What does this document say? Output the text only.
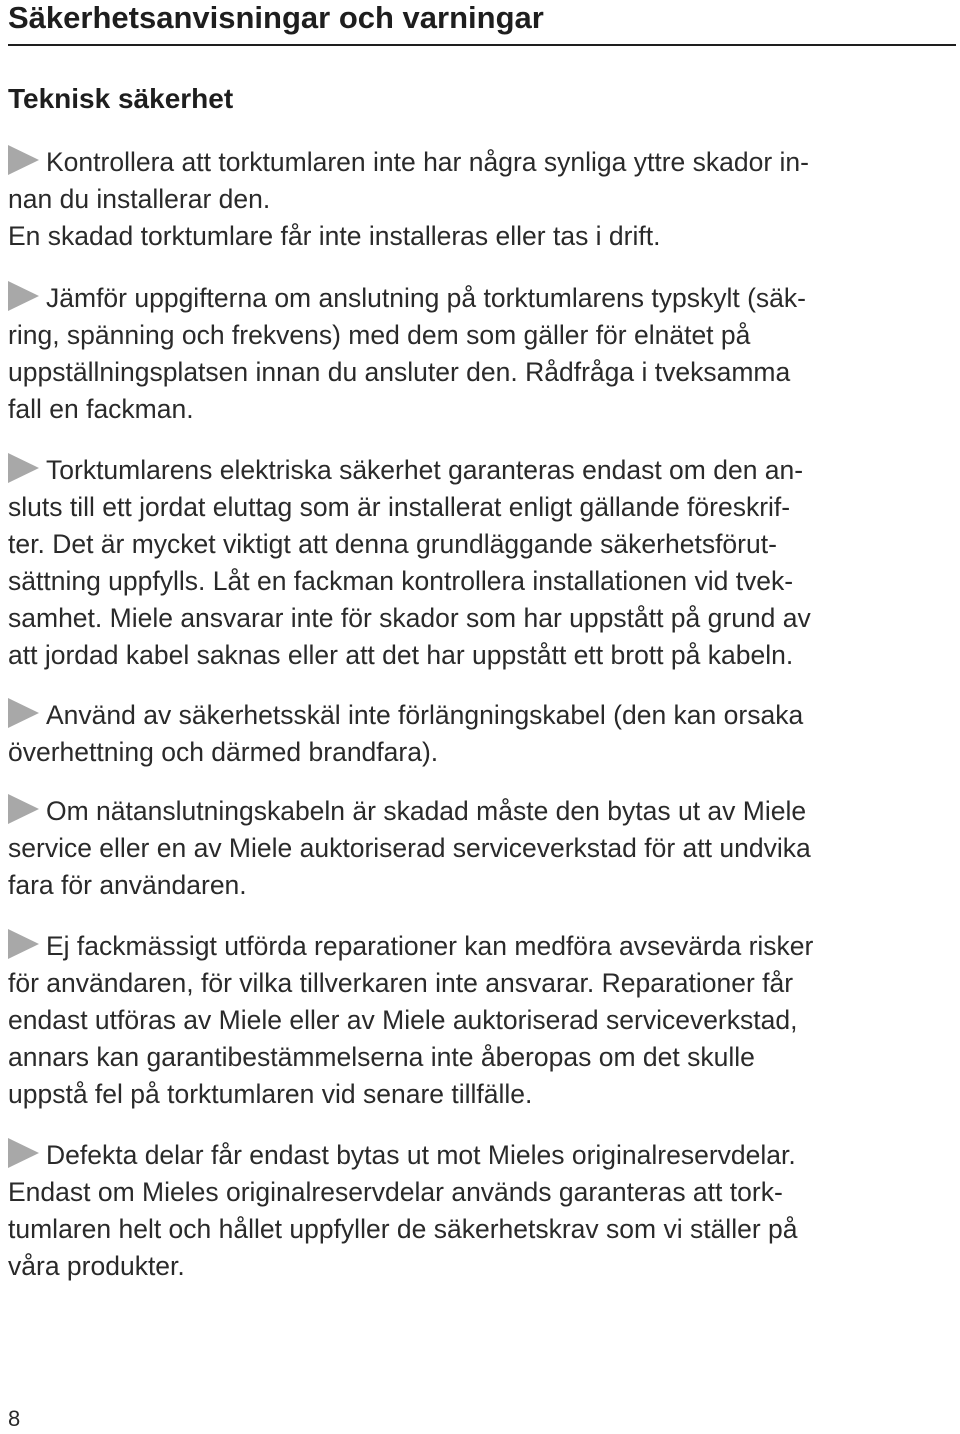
Säkerhetsanvisningar och varningar
Teknisk säkerhet

Kontrollera att torktumlaren inte har några synliga yttre skador in-

nan du installerar den.

En skadad torktumlare får inte installeras eller tas i drift.

Jämför uppgifterna om anslutning på torktumlarens typskylt (säk-

ring, spänning och frekvens) med dem som gäller för elnätet på

uppställningsplatsen innan du ansluter den. Rådfråga i tveksamma

fall en fackman.

Torktumlarens elektriska säkerhet garanteras endast om den an-

sluts till ett jordat eluttag som är installerat enligt gällande föreskrif-

ter. Det är mycket viktigt att denna grundläggande säkerhetsförut-

sättning uppfylls. Låt en fackman kontrollera installationen vid tvek-

samhet. Miele ansvarar inte för skador som har uppstått på grund av

att jordad kabel saknas eller att det har uppstått ett brott på kabeln.

Använd av säkerhetsskäl inte förlängningskabel (den kan orsaka

överhettning och därmed brandfara).

Om nätanslutningskabeln är skadad måste den bytas ut av Miele

service eller en av Miele auktoriserad serviceverkstad för att undvika

fara för användaren.

Ej fackmässigt utförda reparationer kan medföra avsevärda risker

för användaren, för vilka tillverkaren inte ansvarar. Reparationer får

endast utföras av Miele eller av Miele auktoriserad serviceverkstad,

annars kan garantibestämmelserna inte åberopas om det skulle

uppstå fel på torktumlaren vid senare tillfälle.

Defekta delar får endast bytas ut mot Mieles originalreservdelar.

Endast om Mieles originalreservdelar används garanteras att tork-

tumlaren helt och hållet uppfyller de säkerhetskrav som vi ställer på

våra produkter.

8
